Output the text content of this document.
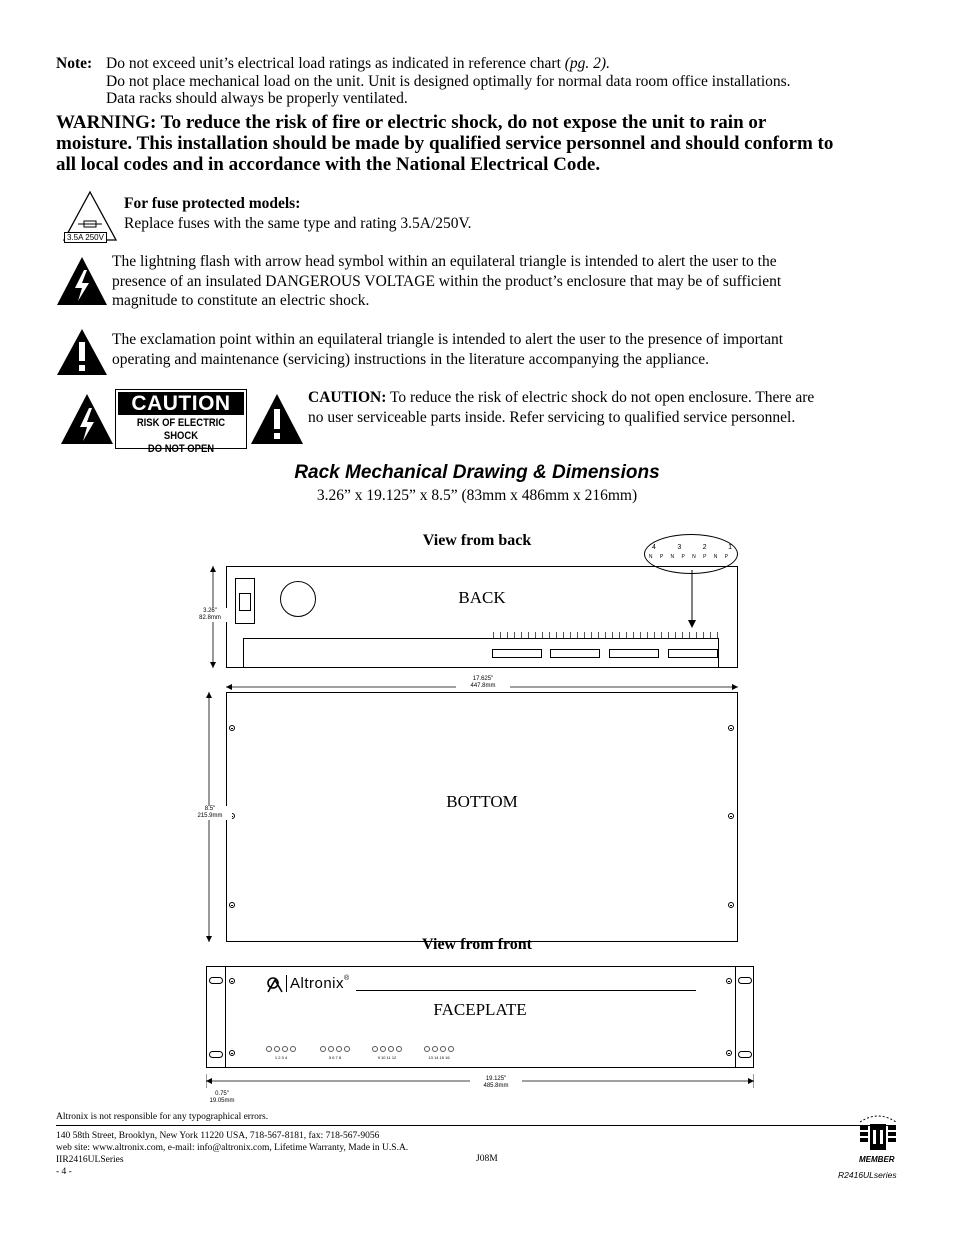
Note: Do not exceed unit’s electrical load ratings as indicated in reference chart (pg. 2).
Do not place mechanical load on the unit. Unit is designed optimally for normal data room office installations.
Data racks should always be properly ventilated.
WARNING: To reduce the risk of fire or electric shock, do not expose the unit to rain or
moisture. This installation should be made by qualified service personnel and should conform to
all local codes and in accordance with the National Electrical Code.
3.5A 250V
For fuse protected models:
Replace fuses with the same type and rating 3.5A/250V.
The lightning flash with arrow head symbol within an equilateral triangle is intended to alert the user to the
presence of an insulated DANGEROUS VOLTAGE within the product’s enclosure that may be of sufficient
magnitude to constitute an electric shock.
The exclamation point within an equilateral triangle is intended to alert the user to the presence of important
operating and maintenance (servicing) instructions in the literature accompanying the appliance.
CAUTION
RISK OF ELECTRIC SHOCK
DO NOT OPEN
CAUTION: To reduce the risk of electric shock do not open enclosure. There are
no user serviceable parts inside. Refer servicing to qualified service personnel.
Rack Mechanical Drawing & Dimensions
3.26” x 19.125” x 8.5” (83mm x 486mm x 216mm)
View from back	4	3	2	1
N P N P N P N P
BACK
3.26"
82.8mm
17.625"
447.8mm
BOTTOM
8.5"
215.9mm
View from front
Altronix®
FACEPLATE
1 2 3 4	5 6 7 8	9 10 11 12	13 14 15 16
19.125"
485.8mm
0.75"
19.05mm
Altronix is not responsible for any typographical errors.
140 58th Street, Brooklyn, New York 11220 USA, 718-567-8181, fax: 718-567-9056
web site: www.altronix.com, e-mail: info@altronix.com, Lifetime Warranty, Made in U.S.A.
IIR2416ULSeries
- 4 -
J08M	MEMBER
R2416ULseries
